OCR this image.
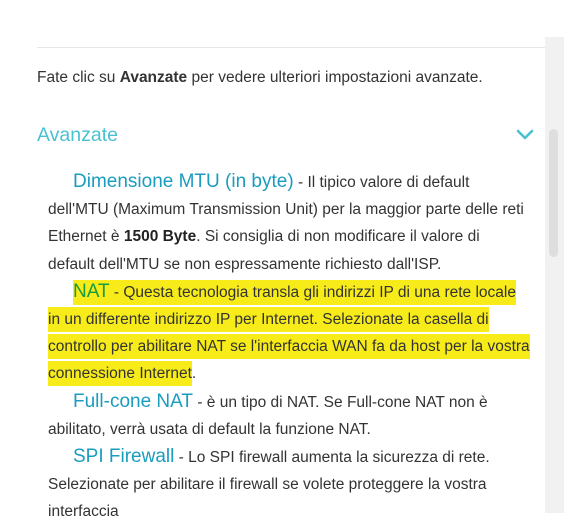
Fate clic su Avanzate per vedere ulteriori impostazioni avanzate.

Avanzate

Dimensione MTU (in byte) - Il tipico valore di default dell'MTU (Maximum Transmission Unit) per la maggior parte delle reti Ethernet è 1500 Byte. Si consiglia di non modificare il valore di default dell'MTU se non espressamente richiesto dall'ISP.

NAT - Questa tecnologia transla gli indirizzi IP di una rete locale in un differente indirizzo IP per Internet. Selezionate la casella di controllo per abilitare NAT se l'interfaccia WAN fa da host per la vostra connessione Internet.

Full-cone NAT - è un tipo di NAT. Se Full-cone NAT non è abilitato, verrà usata di default la funzione NAT.

SPI Firewall - Lo SPI firewall aumenta la sicurezza di rete. Selezionate per abilitare il firewall se volete proteggere la vostra interfaccia
